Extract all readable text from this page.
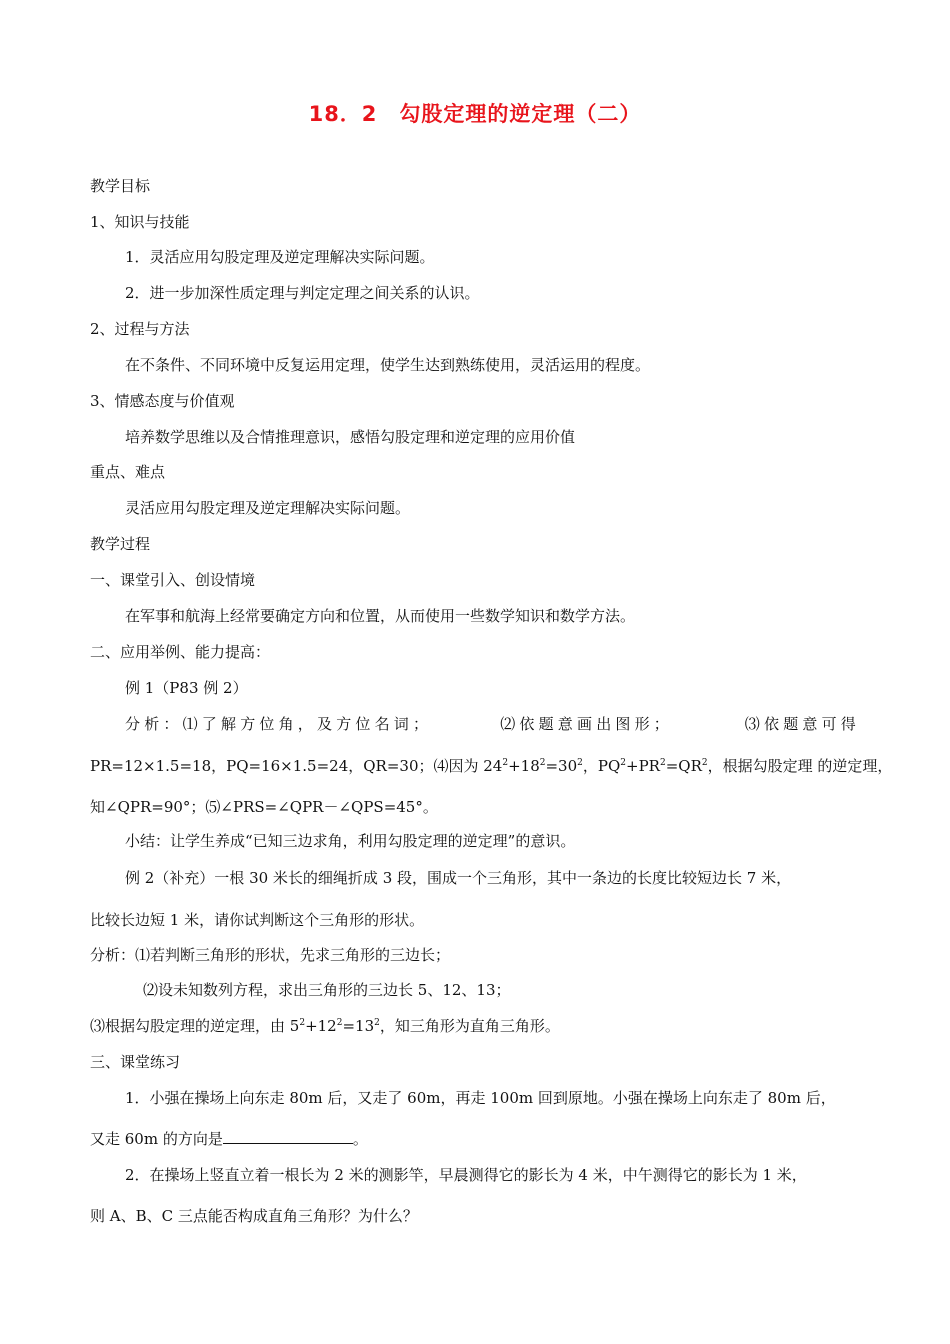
18．2　勾股定理的逆定理（二）
教学目标
1、知识与技能
1．灵活应用勾股定理及逆定理解决实际问题。
2．进一步加深性质定理与判定定理之间关系的认识。
2、过程与方法
在不条件、不同环境中反复运用定理，使学生达到熟练使用，灵活运用的程度。
3、情感态度与价值观
培养数学思维以及合情推理意识，感悟勾股定理和逆定理的应用价值
重点、难点
灵活应用勾股定理及逆定理解决实际问题。
教学过程
一、课堂引入、创设情境
在军事和航海上经常要确定方向和位置，从而使用一些数学知识和数学方法。
二、应用举例、能力提高：
例 1（P83 例 2）
分析：⑴了解方位角，及方位名词；	⑵依题意画出图形；	⑶依题意可得
PR=12×1.5=18，PQ=16×1.5=24，QR=30；⑷因为 $24^2+18^2=30^2$，$PQ^2+PR^2=QR^2$，根据勾股定理 的逆定理，
知∠QPR=90°；⑸∠PRS=∠QPR－∠QPS=45°。
小结：让学生养成“已知三边求角，利用勾股定理的逆定理”的意识。
例 2（补充）一根 30 米长的细绳折成 3 段，围成一个三角形，其中一条边的长度比较短边长 7 米，
比较长边短 1 米，请你试判断这个三角形的形状。
分析：⑴若判断三角形的形状，先求三角形的三边长；
⑵设未知数列方程，求出三角形的三边长 5、12、13；
⑶根据勾股定理的逆定理，由 $5^2+12^2=13^2$，知三角形为直角三角形。
三、课堂练习
1．小强在操场上向东走 80m 后，又走了 60m，再走 100m 回到原地。小强在操场上向东走了 80m 后，
又走 60m 的方向是	。
2．在操场上竖直立着一根长为 2 米的测影竿，早晨测得它的影长为 4 米，中午测得它的影长为 1 米，
则 A、B、C 三点能否构成直角三角形？为什么？
